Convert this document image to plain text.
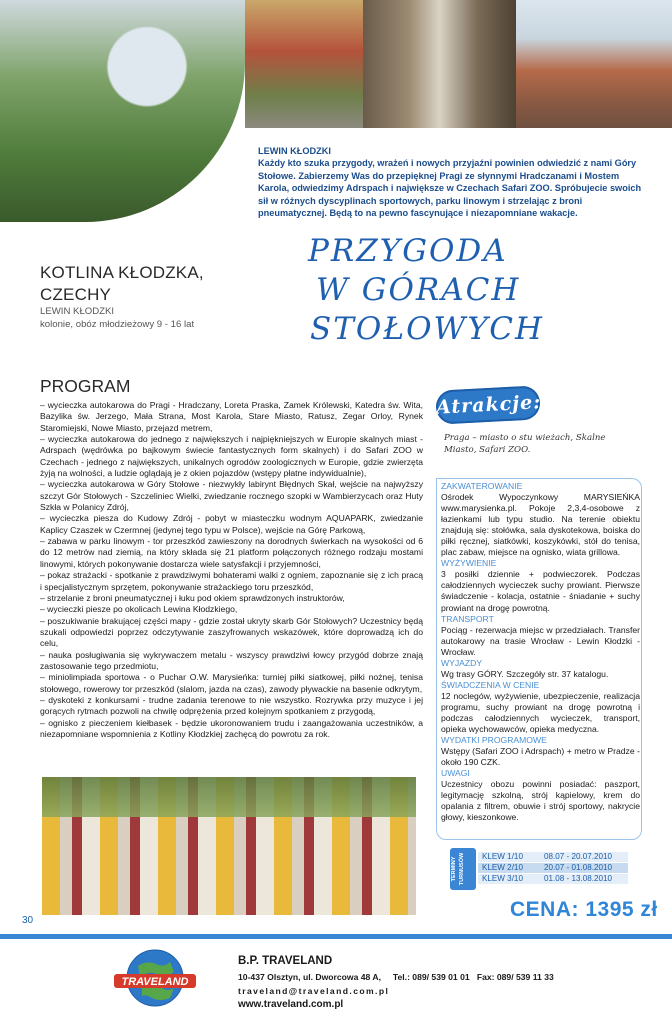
LEWIN KŁODZKI
Każdy kto szuka przygody, wrażeń i nowych przyjaźni powinien odwiedzić z nami Góry Stołowe. Zabierzemy Was do przepięknej Pragi ze słynnymi Hradczanami i Mostem Karola, odwiedzimy Adrspach i największe w Czechach Safari ZOO. Spróbujecie swoich sił w różnych dyscyplinach sportowych, parku linowym i strzelając z broni pneumatycznej. Będą to na pewno fascynujące i niezapomniane wakacje.
KOTLINA KŁODZKA,
CZECHY
LEWIN KŁODZKI
kolonie, obóz młodzieżowy 9 - 16 lat
PRZYGODA
W GÓRACH
STOŁOWYCH
PROGRAM

– wycieczka autokarowa do Pragi - Hradczany, Loreta Praska, Zamek Królewski, Katedra św. Wita, Bazylika św. Jerzego, Mała Strana, Most Karola, Stare Miasto, Ratusz, Zegar Orloy, Rynek Staromiejski, Nowe Miasto, przejazd metrem,

– wycieczka autokarowa do jednego z największych i najpiękniejszych w Europie skalnych miast - Adrspach (wędrówka po bajkowym świecie fantastycznych form skalnych) i do Safari ZOO w Czechach - jednego z największych, unikalnych ogrodów zoologicznych w Europie, gdzie zwierzęta żyją na wolności, a ludzie oglądają je z okien pojazdów (wstępy płatne indywidualnie),

– wycieczka autokarowa w Góry Stołowe - niezwykły labirynt Błędnych Skał, wejście na najwyższy szczyt Gór Stołowych - Szczeliniec Wielki, zwiedzanie rocznego szopki w Wambierzycach oraz Huty Szkła w Polanicy Zdrój,

– wycieczka piesza do Kudowy Zdrój - pobyt w miasteczku wodnym AQUAPARK, zwiedzanie Kaplicy Czaszek w Czermnej (jedynej tego typu w Polsce), wejście na Górę Parkową,

– zabawa w parku linowym - tor przeszkód zawieszony na dorodnych świerkach na wysokości od 6 do 12 metrów nad ziemią, na który składa się 21 platform połączonych różnego rodzaju mostami linowymi, których pokonywanie dostarcza wiele satysfakcji i przyjemności,

– pokaz strażacki - spotkanie z prawdziwymi bohaterami walki z ogniem, zapoznanie się z ich pracą i specjalistycznym sprzętem, pokonywanie strażackiego toru przeszkód,

– strzelanie z broni pneumatycznej i łuku pod okiem sprawdzonych instruktorów,

– wycieczki piesze po okolicach Lewina Kłodzkiego,

– poszukiwanie brakującej części mapy - gdzie został ukryty skarb Gór Stołowych? Uczestnicy będą szukali odpowiedzi poprzez odczytywanie zaszyfrowanych wskazówek, które doprowadzą ich do celu,

– nauka posługiwania się wykrywaczem metalu - wszyscy prawdziwi łowcy przygód dobrze znają zastosowanie tego przedmiotu,

– miniolimpiada sportowa - o Puchar O.W. Marysieńka: turniej piłki siatkowej, piłki nożnej, tenisa stołowego, rowerowy tor przeszkód (slalom, jazda na czas), zawody pływackie na basenie odkrytym,

– dyskoteki z konkursami - trudne zadania terenowe to nie wszystko. Rozrywka przy muzyce i jej gorących rytmach pozwoli na chwilę odprężenia przed kolejnym spotkaniem z przygodą,

– ognisko z pieczeniem kiełbasek - będzie ukoronowaniem trudu i zaangażowania uczestników, a niezapomniane wspomnienia z Kotliny Kłodzkiej zachęcą do powrotu za rok.

Atrakcje:
Praga – miasto o stu wieżach, Skalne Miasto, Safari ZOO.
ZAKWATEROWANIE

Ośrodek Wypoczynkowy MARYSIEŃKA www.marysienka.pl. Pokoje 2,3,4-osobowe z łazienkami lub typu studio. Na terenie obiektu znajdują się: stołówka, sala dyskotekowa, boiska do piłki ręcznej, siatkówki, koszykówki, stół do tenisa, plac zabaw, miejsce na ognisko, wiata grillowa.

WYŻYWIENIE

3 posiłki dziennie + podwieczorek. Podczas całodziennych wycieczek suchy prowiant. Pierwsze świadczenie - kolacja, ostatnie - śniadanie + suchy prowiant na drogę powrotną.

TRANSPORT

Pociąg - rezerwacja miejsc w przedziałach. Transfer autokarowy na trasie Wrocław - Lewin Kłodzki - Wrocław.

WYJAZDY

Wg trasy GÓRY. Szczegóły str. 37 katalogu.

ŚWIADCZENIA W CENIE

12 noclegów, wyżywienie, ubezpieczenie, realizacja programu, suchy prowiant na drogę powrotną i podczas całodziennych wycieczek, transport, opieka wychowawców, opieka medyczna.

WYDATKI PROGRAMOWE

Wstępy (Safari ZOO i Adrspach) + metro w Pradze - około 190 CZK.

UWAGI

Uczestnicy obozu powinni posiadać: paszport, legitymację szkolną, strój kąpielowy, krem do opalania z filtrem, obuwie i strój sportowy, nakrycie głowy, kieszonkowe.

TERMINY TURNUSÓW	KLEW 1/10	08.07 - 20.07.2010
KLEW 2/10	20.07 - 01.08.2010
KLEW 3/10	01.08 - 13.08.2010
CENA: 1395 zł
30
TRAVELAND
B.P. TRAVELAND
10-437 Olsztyn, ul. Dworcowa 48 A,     Tel.: 089/ 539 01 01   Fax: 089/ 539 11 33
traveland@traveland.com.pl
www.traveland.com.pl
